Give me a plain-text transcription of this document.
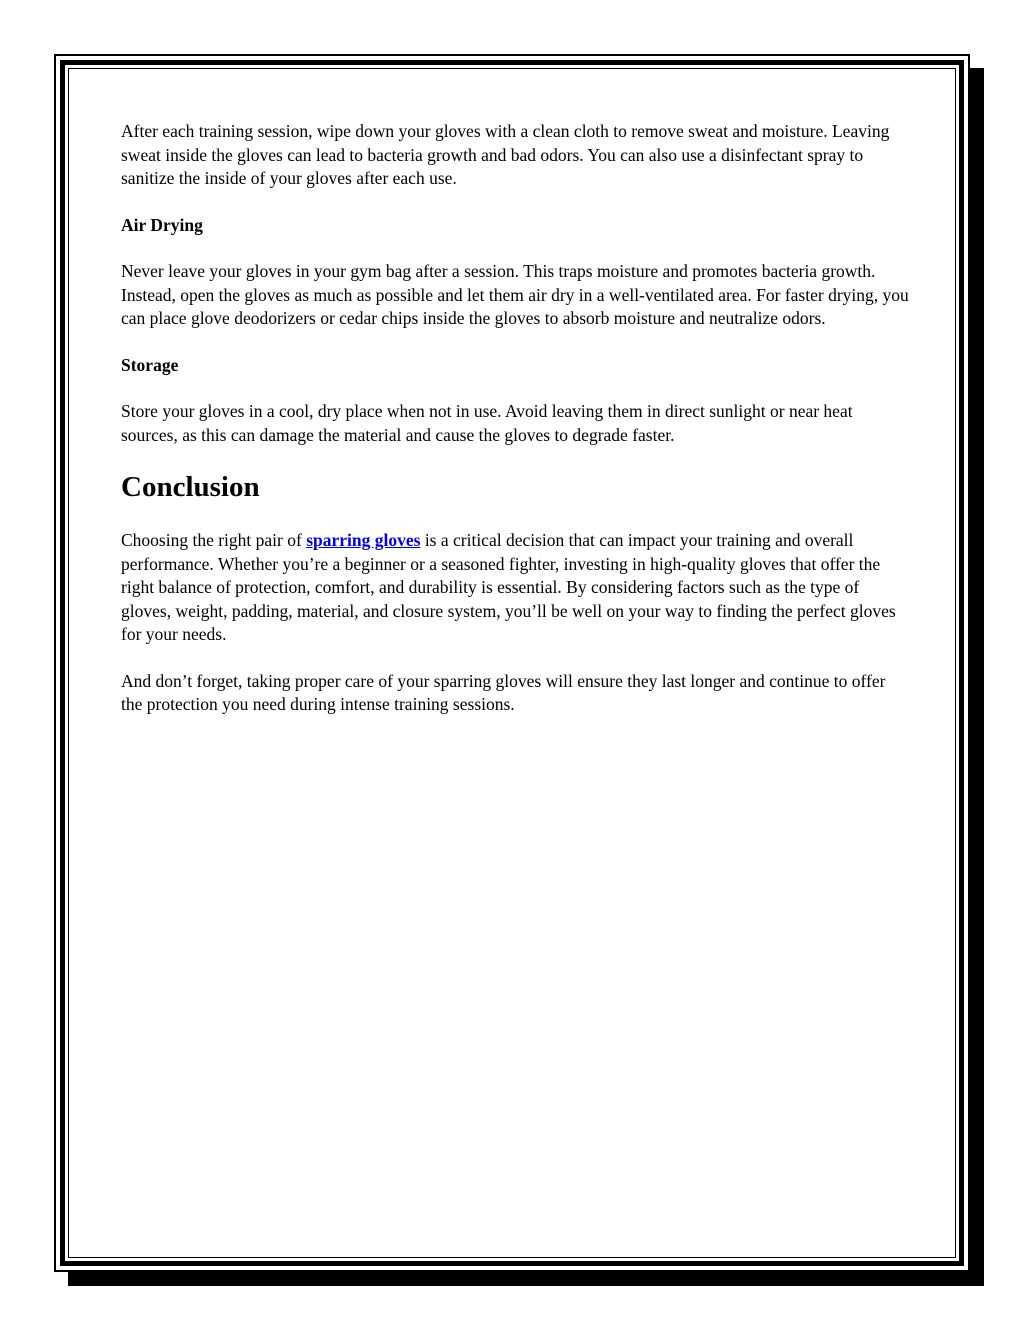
After each training session, wipe down your gloves with a clean cloth to remove sweat and moisture. Leaving sweat inside the gloves can lead to bacteria growth and bad odors. You can also use a disinfectant spray to sanitize the inside of your gloves after each use.

Air Drying

Never leave your gloves in your gym bag after a session. This traps moisture and promotes bacteria growth. Instead, open the gloves as much as possible and let them air dry in a well-ventilated area. For faster drying, you can place glove deodorizers or cedar chips inside the gloves to absorb moisture and neutralize odors.

Storage

Store your gloves in a cool, dry place when not in use. Avoid leaving them in direct sunlight or near heat sources, as this can damage the material and cause the gloves to degrade faster.

Conclusion

Choosing the right pair of sparring gloves is a critical decision that can impact your training and overall performance. Whether you’re a beginner or a seasoned fighter, investing in high-quality gloves that offer the right balance of protection, comfort, and durability is essential. By considering factors such as the type of gloves, weight, padding, material, and closure system, you’ll be well on your way to finding the perfect gloves for your needs.

And don’t forget, taking proper care of your sparring gloves will ensure they last longer and continue to offer the protection you need during intense training sessions.
